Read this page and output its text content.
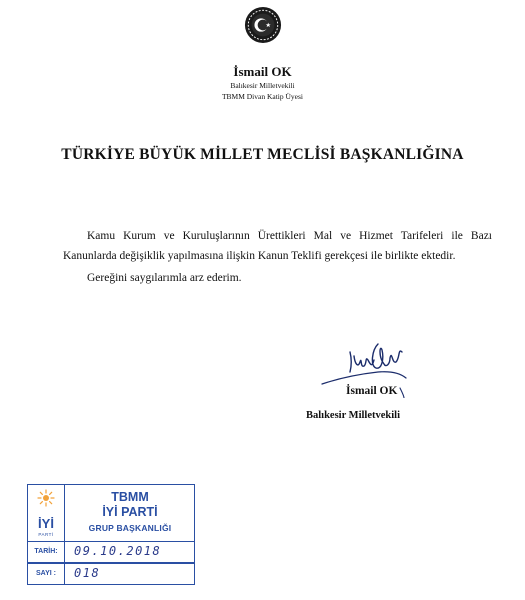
İsmail OK
Balıkesir Milletvekili
TBMM Divan Katip Üyesi
TÜRKİYE BÜYÜK MİLLET MECLİSİ BAŞKANLIĞINA
Kamu Kurum ve Kuruluşlarının Ürettikleri Mal ve Hizmet Tarifeleri ile Bazı Kanunlarda değişiklik yapılmasına ilişkin Kanun Teklifi gerekçesi ile birlikte ektedir.
Gereğini saygılarımla arz ederim.
İsmail OK
Balıkesir Milletvekili
İYİ
PARTİ
TBMM
İYİ PARTİ
GRUP BAŞKANLIĞI
TARİH:	09.10.2018
SAYI :	018
